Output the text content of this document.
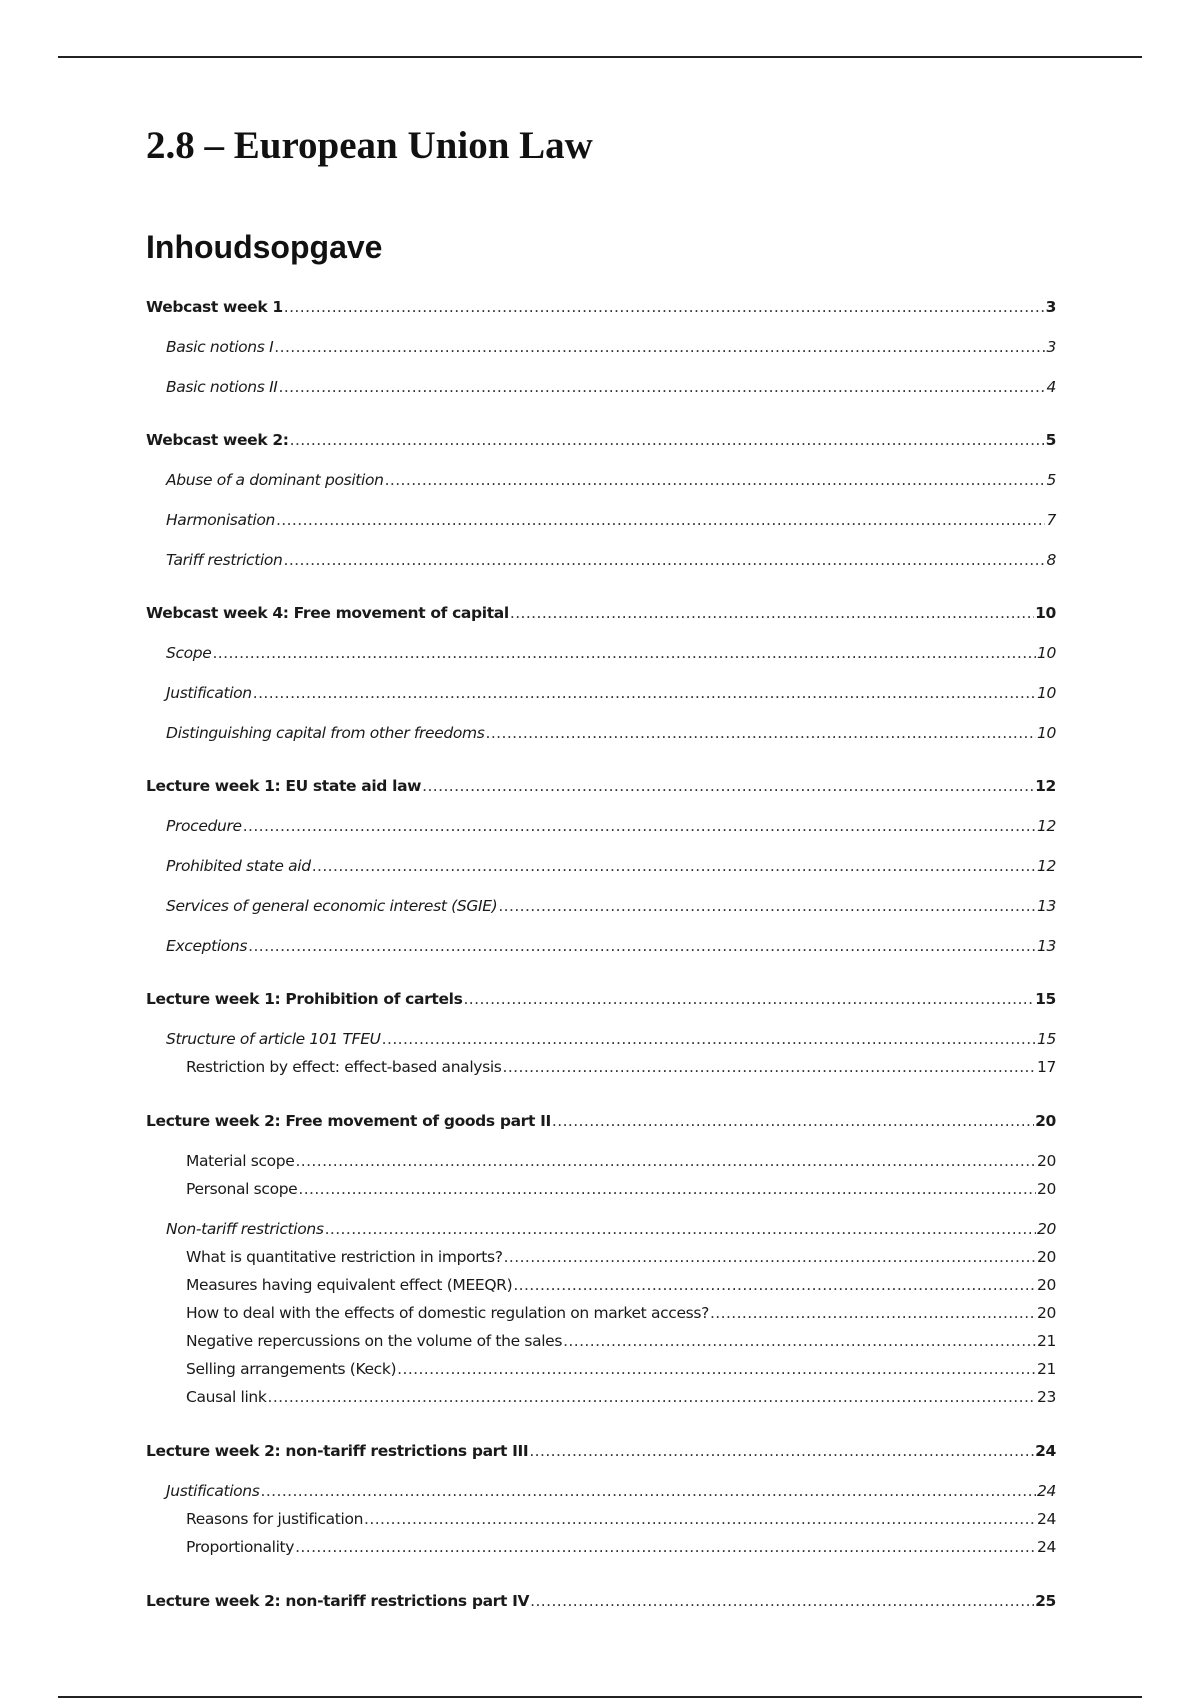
2.8 – European Union Law
Inhoudsopgave
Webcast week 1 .....	3
Basic notions I .....	3
Basic notions II .....	4
Webcast week 2: .....	5
Abuse of a dominant position .....	5
Harmonisation .....	7
Tariff restriction .....	8
Webcast week 4: Free movement of capital .....	10
Scope .....	10
Justification .....	10
Distinguishing capital from other freedoms .....	10
Lecture week 1: EU state aid law .....	12
Procedure .....	12
Prohibited state aid .....	12
Services of general economic interest (SGIE) .....	13
Exceptions .....	13
Lecture week 1: Prohibition of cartels .....	15
Structure of article 101 TFEU .....	15
Restriction by effect: effect-based analysis .....	17
Lecture week 2: Free movement of goods part II .....	20
Material scope .....	20
Personal scope .....	20
Non-tariff restrictions .....	20
What is quantitative restriction in imports? .....	20
Measures having equivalent effect (MEEQR) .....	20
How to deal with the effects of domestic regulation on market access? .....	20
Negative repercussions on the volume of the sales .....	21
Selling arrangements (Keck) .....	21
Causal link .....	23
Lecture week 2: non-tariff restrictions part III .....	24
Justifications .....	24
Reasons for justification .....	24
Proportionality .....	24
Lecture week 2: non-tariff restrictions part IV .....	25
